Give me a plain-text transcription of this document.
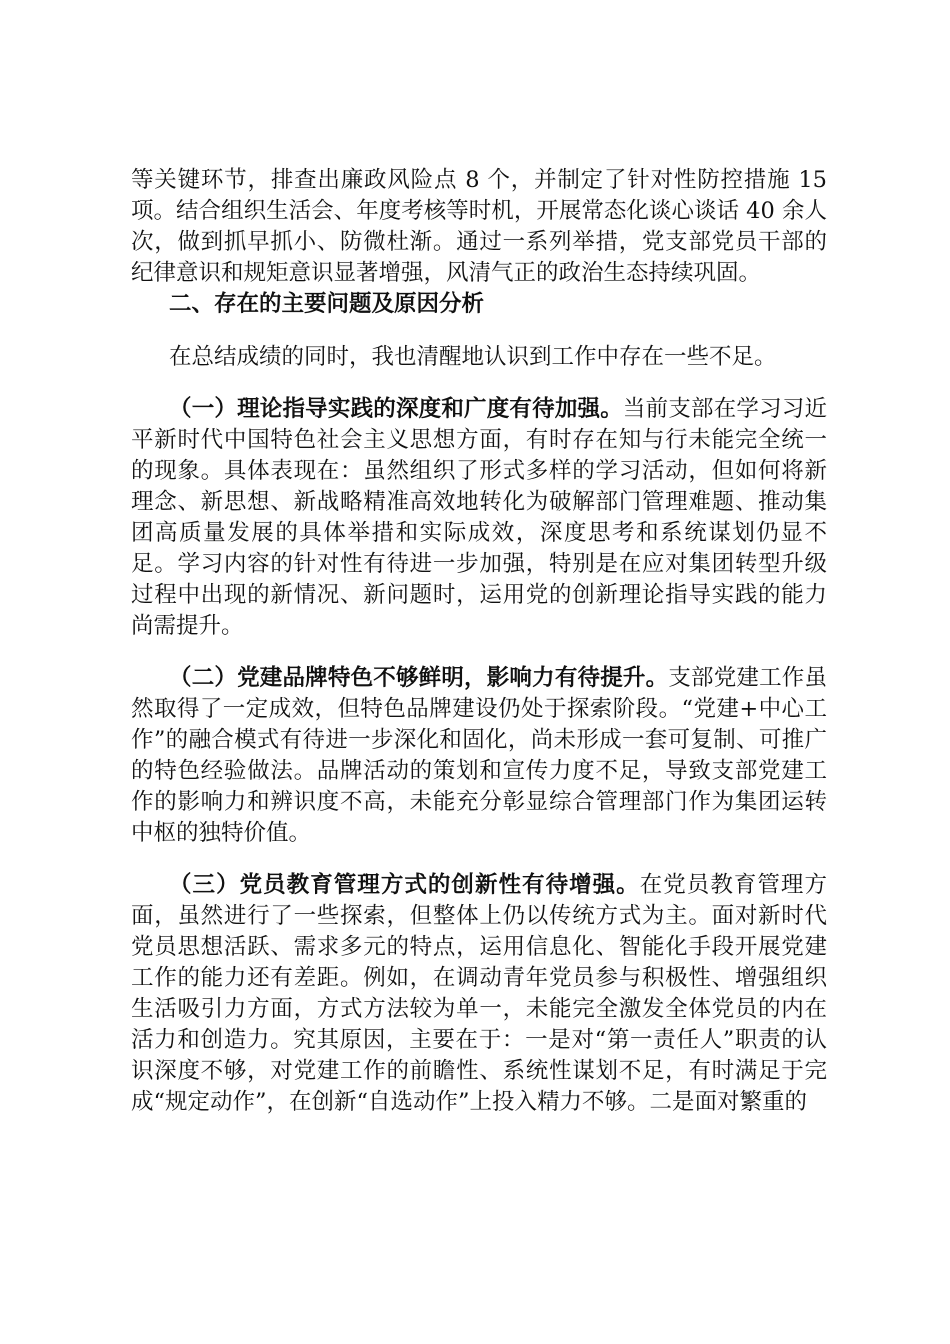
等关键环节，排查出廉政风险点 8 个，并制定了针对性防控措施 15 项。结合组织生活会、年度考核等时机，开展常态化谈心谈话 40 余人次，做到抓早抓小、防微杜渐。通过一系列举措，党支部党员干部的纪律意识和规矩意识显著增强，风清气正的政治生态持续巩固。

二、存在的主要问题及原因分析

在总结成绩的同时，我也清醒地认识到工作中存在一些不足。

（一）理论指导实践的深度和广度有待加强。当前支部在学习习近平新时代中国特色社会主义思想方面，有时存在知与行未能完全统一的现象。具体表现在：虽然组织了形式多样的学习活动，但如何将新理念、新思想、新战略精准高效地转化为破解部门管理难题、推动集团高质量发展的具体举措和实际成效，深度思考和系统谋划仍显不足。学习内容的针对性有待进一步加强，特别是在应对集团转型升级过程中出现的新情况、新问题时，运用党的创新理论指导实践的能力尚需提升。

（二）党建品牌特色不够鲜明，影响力有待提升。支部党建工作虽然取得了一定成效，但特色品牌建设仍处于探索阶段。“党建+中心工作”的融合模式有待进一步深化和固化，尚未形成一套可复制、可推广的特色经验做法。品牌活动的策划和宣传力度不足，导致支部党建工作的影响力和辨识度不高，未能充分彰显综合管理部门作为集团运转中枢的独特价值。

（三）党员教育管理方式的创新性有待增强。在党员教育管理方面，虽然进行了一些探索，但整体上仍以传统方式为主。面对新时代党员思想活跃、需求多元的特点，运用信息化、智能化手段开展党建工作的能力还有差距。例如，在调动青年党员参与积极性、增强组织生活吸引力方面，方式方法较为单一，未能完全激发全体党员的内在活力和创造力。究其原因，主要在于：一是对“第一责任人”职责的认识深度不够，对党建工作的前瞻性、系统性谋划不足，有时满足于完成“规定动作”，在创新“自选动作”上投入精力不够。二是面对繁重的
